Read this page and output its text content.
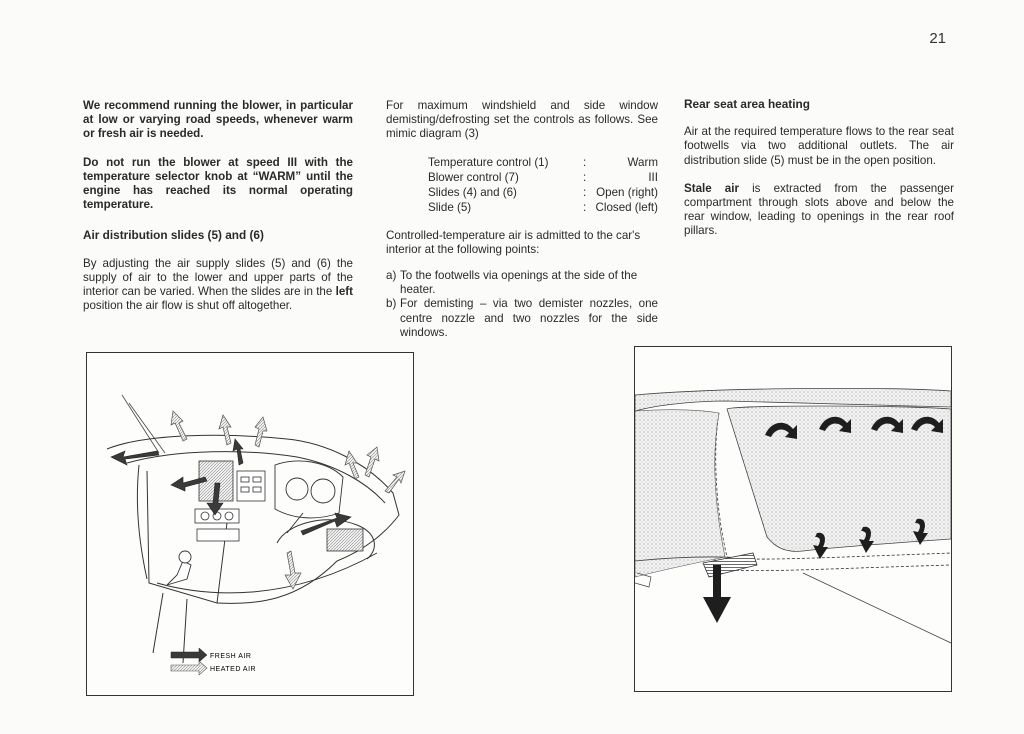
21

We recommend running the blower, in particular at low or varying road speeds, whenever warm or fresh air is needed.

Do not run the blower at speed III with the temperature selector knob at “WARM” until the engine has reached its normal operating temperature.

Air distribution slides (5) and (6)

By adjusting the air supply slides (5) and (6) the supply of air to the lower and upper parts of the interior can be varied. When the slides are in the left position the air flow is shut off altogether.

For maximum windshield and side window demisting/defrosting set the controls as follows. See mimic diagram (3)

Temperature control (1)	:	Warm
Blower control (7)	:	III
Slides (4) and (6)	:	Open (right)
Slide (5)	:	Closed (left)

Controlled-temperature air is admitted to the car's interior at the following points:

a) To the footwells via openings at the side of the heater.
b) For demisting – via two demister nozzles, one centre nozzle and two nozzles for the side windows.

Rear seat area heating

Air at the required temperature flows to the rear seat footwells via two additional outlets. The air distribution slide (5) must be in the open position.

Stale air is extracted from the passenger compartment through slots above and below the rear window, leading to openings in the rear roof pillars.

FRESH AIR
HEATED AIR
